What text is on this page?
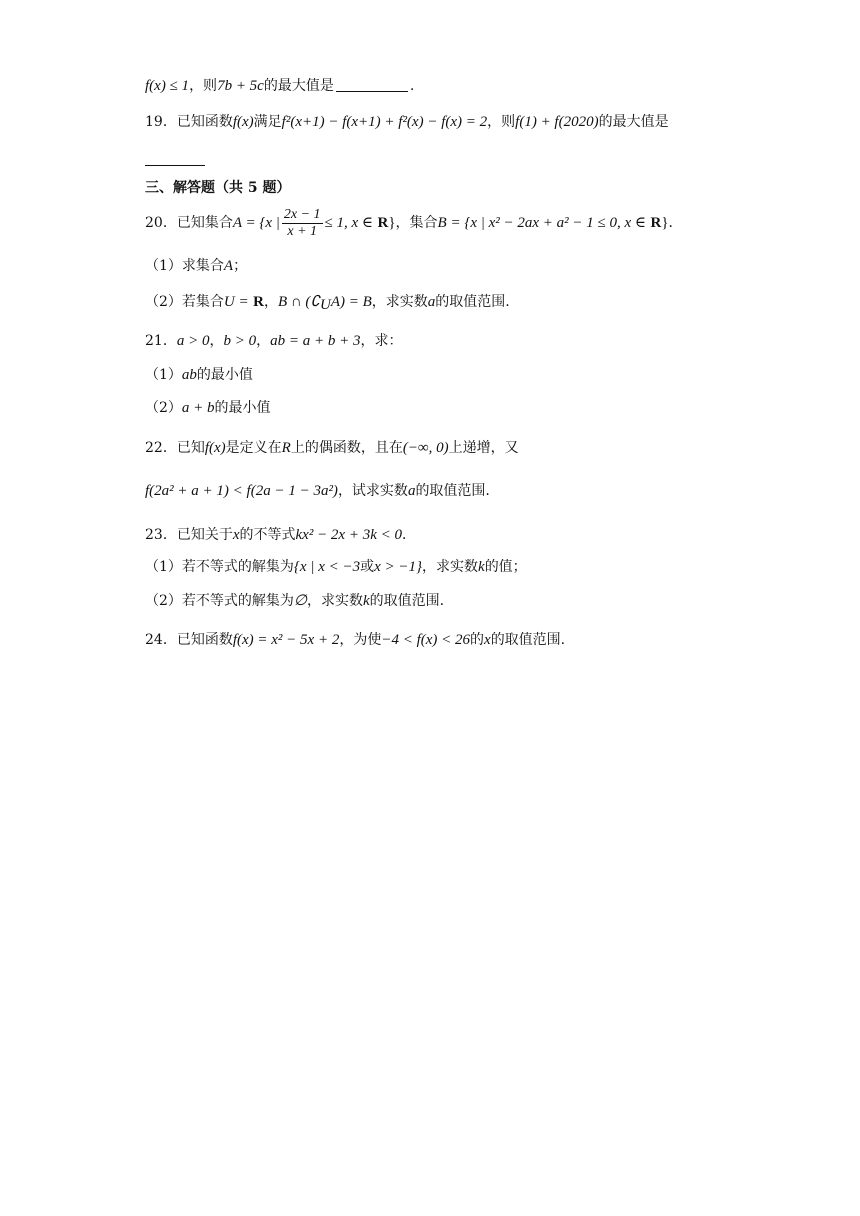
f(x) ≤ 1，则7b + 5c的最大值是	.
19．已知函数f(x)满足f²(x+1) − f(x+1) + f²(x) − f(x) = 2，则f(1) + f(2020)的最大值是
三、解答题（共 5 题）
20．已知集合A = {x | $\frac{2x - 1}{x + 1} \le 1$, x ∈ R}，集合B = {x | x² − 2ax + a² − 1 ≤ 0, x ∈ R}．
（1）求集合A；
（2）若集合U = R，B ∩ $(∁_UA) = B$，求实数a的取值范围.
21．a > 0，b > 0，ab = a + b + 3，求：
（1）ab的最小值
（2）a + b的最小值
22．已知f(x)是定义在R上的偶函数，且在(−∞, 0)上递增，又
f(2a² + a + 1) < f(2a − 1 − 3a²)，试求实数a的取值范围.
23．已知关于x的不等式kx² − 2x + 3k < 0．
（1）若不等式的解集为{x | x < −3或x > −1}，求实数k的值；
（2）若不等式的解集为∅，求实数k的取值范围.
24．已知函数f(x) = x² − 5x + 2，为使−4 < f(x) < 26的x的取值范围.
